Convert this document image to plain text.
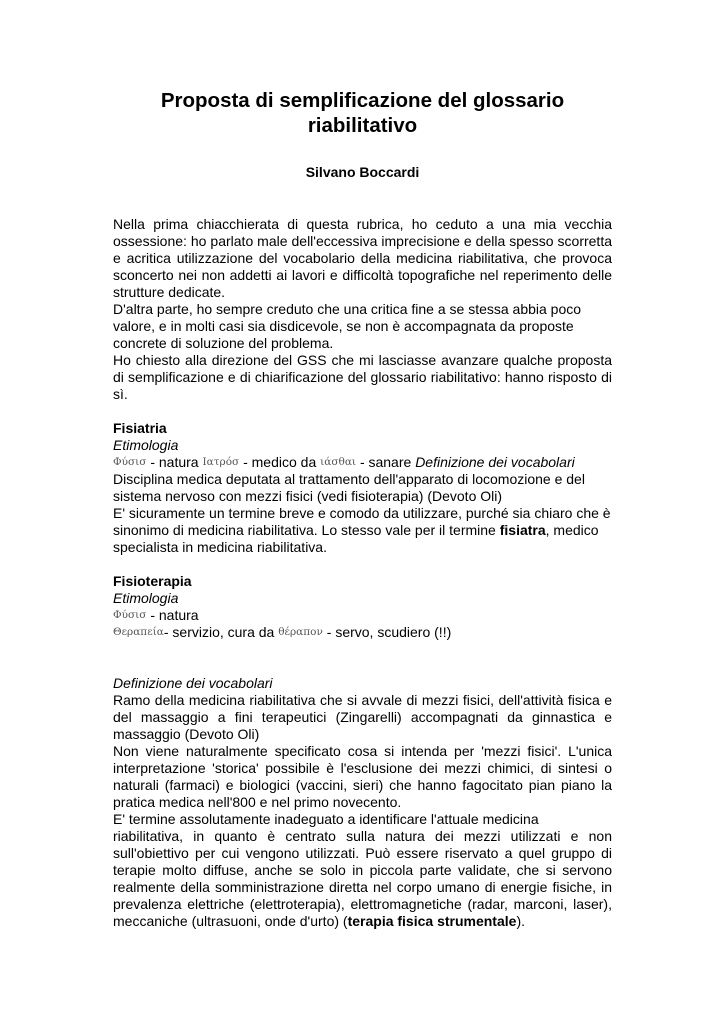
Proposta di semplificazione del glossario riabilitativo
Silvano Boccardi

Nella prima chiacchierata di questa rubrica, ho ceduto a una mia vecchia ossessione: ho parlato male dell'eccessiva imprecisione e della spesso scorretta e acritica utilizzazione del vocabolario della medicina riabilitativa, che provoca sconcerto nei non addetti ai lavori e difficoltà topografiche nel reperimento delle strutture dedicate.

D'altra parte, ho sempre creduto che una critica fine a se stessa abbia poco valore, e in molti casi sia disdicevole, se non è accompagnata da proposte concrete di soluzione del problema.

Ho chiesto alla direzione del GSS che mi lasciasse avanzare qualche proposta di semplificazione e di chiarificazione del glossario riabilitativo: hanno risposto di sì.

Fisiatria

Etimologia

Φύσισ - natura Ιατρόσ - medico da ιάσθαι - sanare Definizione dei vocabolari

Disciplina medica deputata al trattamento dell'apparato di locomozione e del sistema nervoso con mezzi fisici (vedi fisioterapia) (Devoto Oli)

E' sicuramente un termine breve e comodo da utilizzare, purché sia chiaro che è sinonimo di medicina riabilitativa. Lo stesso vale per il termine fisiatra, medico specialista in medicina riabilitativa.

Fisioterapia

Etimologia

Φύσισ - natura

Θεραπεία- servizio, cura da θέραπον - servo, scudiero (!!)

Definizione dei vocabolari

Ramo della medicina riabilitativa che si avvale di mezzi fisici, dell'attività fisica e del massaggio a fini terapeutici (Zingarelli) accompagnati da ginnastica e massaggio (Devoto Oli)

Non viene naturalmente specificato cosa si intenda per 'mezzi fisici'. L'unica interpretazione 'storica' possibile è l'esclusione dei mezzi chimici, di sintesi o naturali (farmaci) e biologici (vaccini, sieri) che hanno fagocitato pian piano la pratica medica nell'800 e nel primo novecento.

E' termine assolutamente inadeguato a identificare l'attuale medicina

riabilitativa, in quanto è centrato sulla natura dei mezzi utilizzati e non sull'obiettivo per cui vengono utilizzati. Può essere riservato a quel gruppo di terapie molto diffuse, anche se solo in piccola parte validate, che si servono realmente della somministrazione diretta nel corpo umano di energie fisiche, in prevalenza elettriche (elettroterapia), elettromagnetiche (radar, marconi, laser), meccaniche (ultrasuoni, onde d'urto) (terapia fisica strumentale).
